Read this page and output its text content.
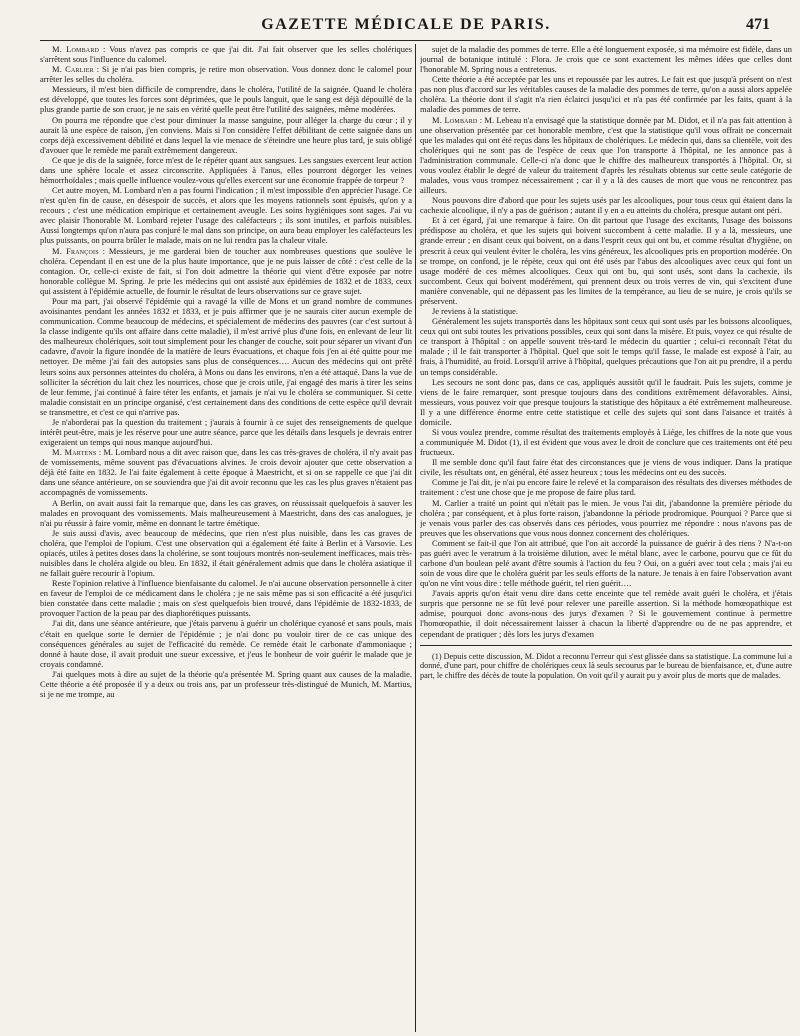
GAZETTE MÉDICALE DE PARIS.	471

M. Lombard : Vous n'avez pas compris ce que j'ai dit. J'ai fait observer que les selles cholériques s'arrêtent sous l'influence du calomel.

M. Carlier : Si je n'ai pas bien compris, je retire mon observation. Vous donnez donc le calomel pour arrêter les selles du choléra.

Messieurs, il m'est bien difficile de comprendre, dans le choléra, l'utilité de la saignée. Quand le choléra est développé, que toutes les forces sont déprimées, que le pouls languit, que le sang est déjà dépouillé de la plus grande partie de son cruor, je ne sais en vérité quelle peut être l'utilité des saignées, même modérées.

On pourra me répondre que c'est pour diminuer la masse sanguine, pour alléger la charge du cœur ; il y aurait là une espèce de raison, j'en conviens. Mais si l'on considère l'effet débilitant de cette saignée dans un corps déjà excessivement débilité et dans lequel la vie menace de s'éteindre une heure plus tard, je suis obligé d'avouer que le remède me paraît extrêmement dangereux.

Ce que je dis de la saignée, force m'est de le répéter quant aux sangsues. Les sangsues exercent leur action dans une sphère locale et assez circonscrite. Appliquées à l'anus, elles pourront dégorger les veines hémorrhoïdales ; mais quelle influence voulez-vous qu'elles exercent sur une économie frappée de torpeur ?

Cet autre moyen, M. Lombard n'en a pas fourni l'indication ; il m'est impossible d'en apprécier l'usage. Ce n'est qu'en fin de cause, en désespoir de succès, et alors que les moyens rationnels sont épuisés, qu'on y a recours ; c'est une médication empirique et certainement aveugle. Les soins hygiéniques sont sages. J'ai vu avec plaisir l'honorable M. Lombard rejeter l'usage des caléfacteurs ; ils sont inutiles, et parfois nuisibles. Aussi longtemps qu'on n'aura pas conjuré le mal dans son principe, on aura beau employer les caléfacteurs les plus puissants, on pourra brûler le malade, mais on ne lui rendra pas la chaleur vitale.

M. François : Messieurs, je me garderai bien de toucher aux nombreuses questions que soulève le choléra. Cependant il en est une de la plus haute importance, que je ne puis laisser de côté : c'est celle de la contagion. Or, celle-ci existe de fait, si l'on doit admettre la théorie qui vient d'être exposée par notre honorable collègue M. Spring. Je prie les médecins qui ont assisté aux épidémies de 1832 et de 1833, ceux qui assistent à l'épidémie actuelle, de fournir le résultat de leurs observations sur ce grave sujet.

Pour ma part, j'ai observé l'épidémie qui a ravagé la ville de Mons et un grand nombre de communes avoisinantes pendant les années 1832 et 1833, et je puis affirmer que je ne saurais citer aucun exemple de communication. Comme beaucoup de médecins, et spécialement de médecins des pauvres (car c'est surtout à la classe indigente qu'ils ont affaire dans cette maladie), il m'est arrivé plus d'une fois, en enlevant de leur lit des malheureux cholériques, soit tout simplement pour les changer de couche, soit pour séparer un vivant d'un cadavre, d'avoir la figure inondée de la matière de leurs évacuations, et chaque fois j'en ai été quitte pour me nettoyer. De même j'ai fait des autopsies sans plus de conséquences…. Aucun des médecins qui ont prêté leurs soins aux personnes atteintes du choléra, à Mons ou dans les environs, n'en a été attaqué. Dans la vue de solliciter la sécrétion du lait chez les nourrices, chose que je crois utile, j'ai engagé des maris à tirer les seins de leur femme, j'ai continué à faire téter les enfants, et jamais je n'ai vu le choléra se communiquer. Si cette maladie consistait en un principe organisé, c'est certainement dans des conditions de cette espèce qu'il devrait se transmettre, et c'est ce qui n'arrive pas.

Je n'aborderai pas la question du traitement ; j'aurais à fournir à ce sujet des renseignements de quelque intérêt peut-être, mais je les réserve pour une autre séance, parce que les détails dans lesquels je devrais entrer exigeraient un temps qui nous manque aujourd'hui.

M. Martens : M. Lombard nous a dit avec raison que, dans les cas très-graves de choléra, il n'y avait pas de vomissements, même souvent pas d'évacuations alvines. Je crois devoir ajouter que cette observation a déjà été faite en 1832. Je l'ai faite également à cette époque à Maestricht, et si on se rappelle ce que j'ai dit dans une séance antérieure, on se souviendra que j'ai dit avoir reconnu que les cas les plus graves n'étaient pas accompagnés de vomissements.

A Berlin, on avait aussi fait la remarque que, dans les cas graves, on réussissait quelquefois à sauver les malades en provoquant des vomissements. Mais malheureusement à Maestricht, dans des cas analogues, je n'ai pu réussir à faire vomir, même en donnant le tartre émétique.

Je suis aussi d'avis, avec beaucoup de médecins, que rien n'est plus nuisible, dans les cas graves de choléra, que l'emploi de l'opium. C'est une observation qui a également été faite à Berlin et à Varsovie. Les opiacés, utiles à petites doses dans la cholérine, se sont toujours montrés non-seulement inefficaces, mais très-nuisibles dans le choléra algide ou bleu. En 1832, il était généralement admis que dans le choléra asiatique il ne fallait guère recourir à l'opium.

Reste l'opinion relative à l'influence bienfaisante du calomel. Je n'ai aucune observation personnelle à citer en faveur de l'emploi de ce médicament dans le choléra ; je ne sais même pas si son efficacité a été jusqu'ici bien constatée dans cette maladie ; mais on s'est quelquefois bien trouvé, dans l'épidémie de 1832-1833, de provoquer l'action de la peau par des diaphorétiques puissants.

J'ai dit, dans une séance antérieure, que j'étais parvenu à guérir un cholérique cyanosé et sans pouls, mais c'était en quelque sorte le dernier de l'épidémie ; je n'ai donc pu vouloir tirer de ce cas unique des conséquences générales au sujet de l'efficacité du remède. Ce remède était le carbonate d'ammoniaque ; donné à haute dose, il avait produit une sueur excessive, et j'eus le bonheur de voir guérir le malade que je croyais condamné.

J'ai quelques mots à dire au sujet de la théorie qu'a présentée M. Spring quant aux causes de la maladie. Cette théorie a été proposée il y a deux ou trois ans, par un professeur très-distingué de Munich, M. Martius, si je ne me trompe, au

sujet de la maladie des pommes de terre. Elle a été longuement exposée, si ma mémoire est fidèle, dans un journal de botanique intitulé : Flora. Je crois que ce sont exactement les mêmes idées que celles dont l'honorable M. Spring nous a entretenus.

Cette théorie a été acceptée par les uns et repoussée par les autres. Le fait est que jusqu'à présent on n'est pas non plus d'accord sur les véritables causes de la maladie des pommes de terre, qu'on a aussi alors appelée choléra. La théorie dont il s'agit n'a rien éclairci jusqu'ici et n'a pas été confirmée par les faits, quant à la maladie des pommes de terre.

M. Lombard : M. Lebeau n'a envisagé que la statistique donnée par M. Didot, et il n'a pas fait attention à une observation présentée par cet honorable membre, c'est que la statistique qu'il vous offrait ne concernait que les malades qui ont été reçus dans les hôpitaux de cholériques. Le médecin qui, dans sa clientèle, voit des cholériques qui ne sont pas de l'espèce de ceux que l'on transporte à l'hôpital, ne les annonce pas à l'administration communale. Celle-ci n'a donc que le chiffre des malheureux transportés à l'hôpital. Or, si vous voulez établir le degré de valeur du traitement d'après les résultats obtenus sur cette seule catégorie de malades, vous vous trompez nécessairement ; car il y a là des causes de mort que vous ne rencontrez pas ailleurs.

Nous pouvons dire d'abord que pour les sujets usés par les alcooliques, pour tous ceux qui étaient dans la cachexie alcoolique, il n'y a pas de guérison ; autant il y en a eu atteints du choléra, presque autant ont péri.

Et à cet égard, j'ai une remarque à faire. On dit partout que l'usage des excitants, l'usage des boissons prédispose au choléra, et que les sujets qui boivent succombent à cette maladie. Il y a là, messieurs, une grande erreur ; en disant ceux qui boivent, on a dans l'esprit ceux qui ont bu, et comme résultat d'hygiène, on prescrit à ceux qui veulent éviter le choléra, les vins généreux, les alcooliques pris en proportion modérée. On se trompe, on confond, je le répète, ceux qui ont été usés par l'abus des alcooliques avec ceux qui font un usage modéré de ces mêmes alcooliques. Ceux qui ont bu, qui sont usés, sont dans la cachexie, ils succombent. Ceux qui boivent modérément, qui prennent deux ou trois verres de vin, qui s'excitent d'une manière convenable, qui ne dépassent pas les limites de la tempérance, au lieu de se nuire, je crois qu'ils se préservent.

Je reviens à la statistique.

Généralement les sujets transportés dans les hôpitaux sont ceux qui sont usés par les boissons alcooliques, ceux qui ont subi toutes les privations possibles, ceux qui sont dans la misère. Et puis, voyez ce qui résulte de ce transport à l'hôpital : on appelle souvent très-tard le médecin du quartier ; celui-ci reconnaît l'état du malade ; il le fait transporter à l'hôpital. Quel que soit le temps qu'il fasse, le malade est exposé à l'air, au frais, à l'humidité, au froid. Lorsqu'il arrive à l'hôpital, quelques précautions que l'on ait pu prendre, il a perdu un temps considérable.

Les secours ne sont donc pas, dans ce cas, appliqués aussitôt qu'il le faudrait. Puis les sujets, comme je viens de le faire remarquer, sont presque toujours dans des conditions extrêmement défavorables. Ainsi, messieurs, vous pouvez voir que presque toujours la statistique des hôpitaux a été extrêmement malheureuse. Il y a une différence énorme entre cette statistique et celle des sujets qui sont dans l'aisance et traités à domicile.

Si vous voulez prendre, comme résultat des traitements employés à Liége, les chiffres de la note que vous a communiquée M. Didot (1), il est évident que vous avez le droit de conclure que ces traitements ont été peu fructueux.

Il me semble donc qu'il faut faire état des circonstances que je viens de vous indiquer. Dans la pratique civile, les résultats ont, en général, été assez heureux ; tous les médecins ont eu des succès.

Comme je l'ai dit, je n'ai pu encore faire le relevé et la comparaison des résultats des diverses méthodes de traitement : c'est une chose que je me propose de faire plus tard.

M. Carlier a traité un point qui n'était pas le mien. Je vous l'ai dit, j'abandonne la première période du choléra ; par conséquent, et à plus forte raison, j'abandonne la période prodromique. Pourquoi ? Parce que si je venais vous parler des cas observés dans ces périodes, vous pourriez me répondre : nous n'avons pas de preuves que les observations que vous nous donnez concernent des cholériques.

Comment se fait-il que l'on ait attribué, que l'on ait accordé la puissance de guérir à des riens ? N'a-t-on pas guéri avec le veratrum à la troisième dilution, avec le métal blanc, avec le carbone, pourvu que ce fût du carbone d'un boulean pelé avant d'être soumis à l'action du feu ? Oui, on a guéri avec tout cela ; mais j'ai eu soin de vous dire que le choléra guérit par les seuls efforts de la nature. Je tenais à en faire l'observation avant qu'on ne vînt vous dire : telle méthode guérit, tel rien guérit….

J'avais appris qu'on était venu dire dans cette enceinte que tel remède avait guéri le choléra, et j'étais surpris que personne ne se fût levé pour relever une pareille assertion. Si la méthode homœopathique est admise, pourquoi donc avons-nous des jurys d'examen ? Si le gouvernement continue à permettre l'homœopathie, il doit nécessairement laisser à chacun la liberté d'apprendre ou de ne pas apprendre, et cependant de pratiquer ; dès lors les jurys d'examen

(1) Depuis cette discussion, M. Didot a reconnu l'erreur qui s'est glissée dans sa statistique. La commune lui a donné, d'une part, pour chiffre de cholériques ceux là seuls secourus par le bureau de bienfaisance, et, d'une autre part, le chiffre des décès de toute la population. On voit qu'il y aurait pu y avoir plus de morts que de malades.
